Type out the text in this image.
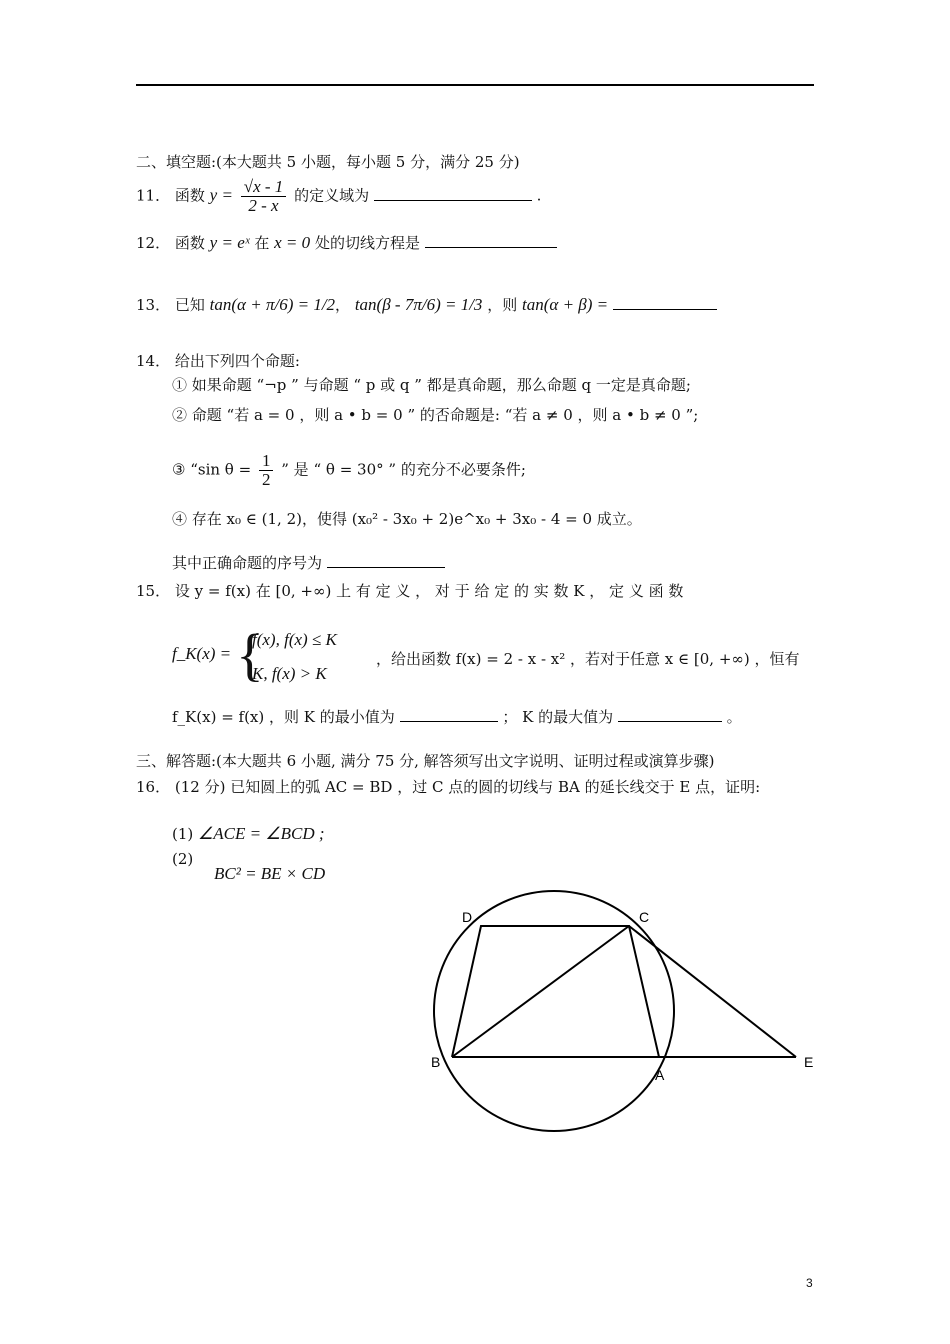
二、填空题:(本大题共 5 小题，每小题 5 分，满分 25 分)
11． 函数 $y = \frac{√x - 1}{2 - x}$ 的定义域为	.
12． 函数 y = eˣ 在 x = 0 处的切线方程是
13． 已知 tan(α + π/6) = 1/2， tan(β - 7π/6) = 1/3 ，则 tan(α + β) =
14． 给出下列四个命题:
① 如果命题 “¬p ” 与命题 “ p 或 q ” 都是真命题，那么命题 q 一定是真命题;
② 命题 “若 a = 0 ，则 a • b = 0 ” 的否命题是: “若 a ≠ 0 ，则 a • b ≠ 0 ”;
③ “sin $\theta = \frac{1}{2}$ ” 是 “ θ = 30° ” 的充分不必要条件;
④ 存在 x₀ ∈ (1, 2)，使得 (x₀² - 3x₀ + 2)e^x₀ + 3x₀ - 4 = 0 成立。
其中正确命题的序号为
15． 设 y = f(x) 在 [0, +∞) 上 有 定 义 ， 对 于 给 定 的 实 数 K ， 定 义 函 数
f_K(x) = {
f(x), f(x) ≤ K
K, f(x) > K
，给出函数 f(x) = 2 - x - x² ，若对于任意 x ∈ [0, +∞) ，恒有
f_K(x) = f(x) ，则 K 的最小值为	； K 的最大值为	。
三、解答题:(本大题共 6 小题, 满分 75 分, 解答须写出文字说明、证明过程或演算步骤)
16． (12 分) 已知圆上的弧 AC = BD ，过 C 点的圆的切线与 BA 的延长线交于 E 点，证明:
(1) ∠ACE = ∠BCD ;
(2)
BC² = BE × CD
D	C
B
A
E
3
